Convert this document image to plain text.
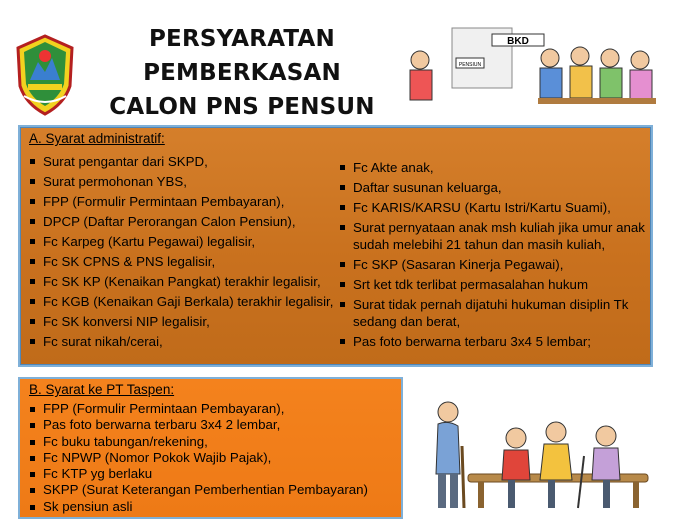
PERSYARATAN
PEMBERKASAN
CALON PNS PENSUN
BKD
PENSIUN
A. Syarat administratif:
Surat pengantar dari SKPD,
Surat permohonan YBS,
FPP (Formulir Permintaan Pembayaran),
DPCP (Daftar Perorangan Calon Pensiun),
Fc Karpeg (Kartu Pegawai) legalisir,
Fc SK CPNS & PNS legalisir,
Fc SK KP (Kenaikan Pangkat) terakhir legalisir,
Fc KGB (Kenaikan Gaji Berkala) terakhir legalisir,
Fc SK konversi NIP legalisir,
Fc surat nikah/cerai,
Fc Akte anak,
Daftar susunan keluarga,
Fc KARIS/KARSU (Kartu Istri/Kartu Suami),
Surat pernyataan anak msh kuliah jika umur anak sudah melebihi 21 tahun dan masih kuliah,
Fc SKP (Sasaran Kinerja Pegawai),
Srt ket tdk terlibat permasalahan hukum
Surat tidak pernah dijatuhi hukuman disiplin Tk sedang dan berat,
Pas foto berwarna terbaru 3x4 5 lembar;
B. Syarat ke PT Taspen:
FPP (Formulir Permintaan Pembayaran),
Pas foto berwarna terbaru 3x4 2 lembar,
Fc buku tabungan/rekening,
Fc NPWP (Nomor Pokok Wajib Pajak),
Fc KTP yg berlaku
SKPP (Surat Keterangan Pemberhentian Pembayaran)
Sk pensiun asli
